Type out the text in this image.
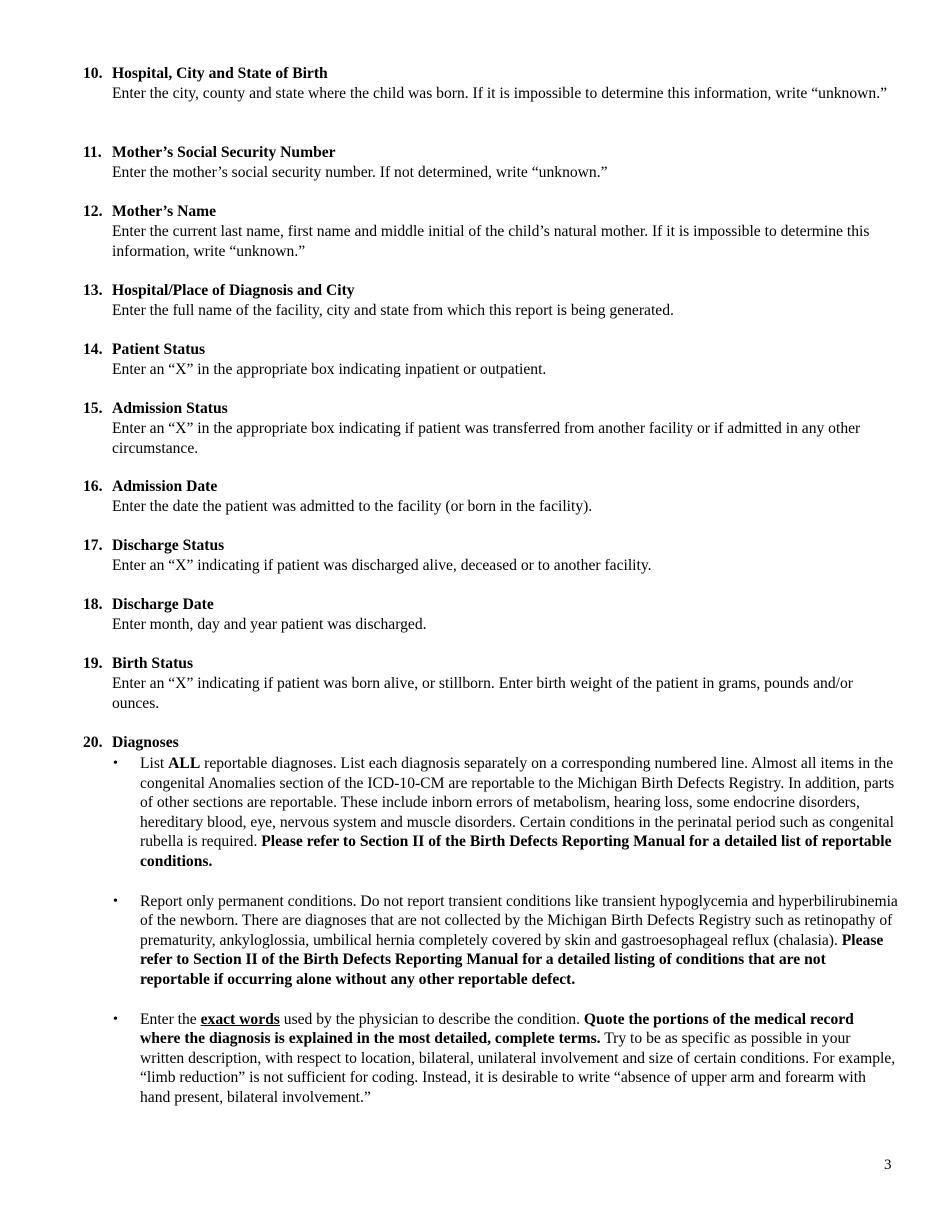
10. Hospital, City and State of Birth
Enter the city, county and state where the child was born. If it is impossible to determine this information, write “unknown.”
11. Mother’s Social Security Number
Enter the mother’s social security number. If not determined, write “unknown.”
12. Mother’s Name
Enter the current last name, first name and middle initial of the child’s natural mother. If it is impossible to determine this information, write “unknown.”
13. Hospital/Place of Diagnosis and City
Enter the full name of the facility, city and state from which this report is being generated.
14. Patient Status
Enter an “X” in the appropriate box indicating inpatient or outpatient.
15. Admission Status
Enter an “X” in the appropriate box indicating if patient was transferred from another facility or if admitted in any other circumstance.
16. Admission Date
Enter the date the patient was admitted to the facility (or born in the facility).
17. Discharge Status
Enter an “X” indicating if patient was discharged alive, deceased or to another facility.
18. Discharge Date
Enter month, day and year patient was discharged.
19. Birth Status
Enter an “X” indicating if patient was born alive, or stillborn. Enter birth weight of the patient in grams, pounds and/or ounces.
20. Diagnoses
• List ALL reportable diagnoses. List each diagnosis separately on a corresponding numbered line. Almost all items in the congenital Anomalies section of the ICD-10-CM are reportable to the Michigan Birth Defects Registry. In addition, parts of other sections are reportable. These include inborn errors of metabolism, hearing loss, some endocrine disorders, hereditary blood, eye, nervous system and muscle disorders. Certain conditions in the perinatal period such as congenital rubella is required. Please refer to Section II of the Birth Defects Reporting Manual for a detailed list of reportable conditions.
• Report only permanent conditions. Do not report transient conditions like transient hypoglycemia and hyperbilirubinemia of the newborn. There are diagnoses that are not collected by the Michigan Birth Defects Registry such as retinopathy of prematurity, ankyloglossia, umbilical hernia completely covered by skin and gastroesophageal reflux (chalasia). Please refer to Section II of the Birth Defects Reporting Manual for a detailed listing of conditions that are not reportable if occurring alone without any other reportable defect.
• Enter the exact words used by the physician to describe the condition. Quote the portions of the medical record where the diagnosis is explained in the most detailed, complete terms. Try to be as specific as possible in your written description, with respect to location, bilateral, unilateral involvement and size of certain conditions. For example, “limb reduction” is not sufficient for coding. Instead, it is desirable to write “absence of upper arm and forearm with hand present, bilateral involvement.”
3
